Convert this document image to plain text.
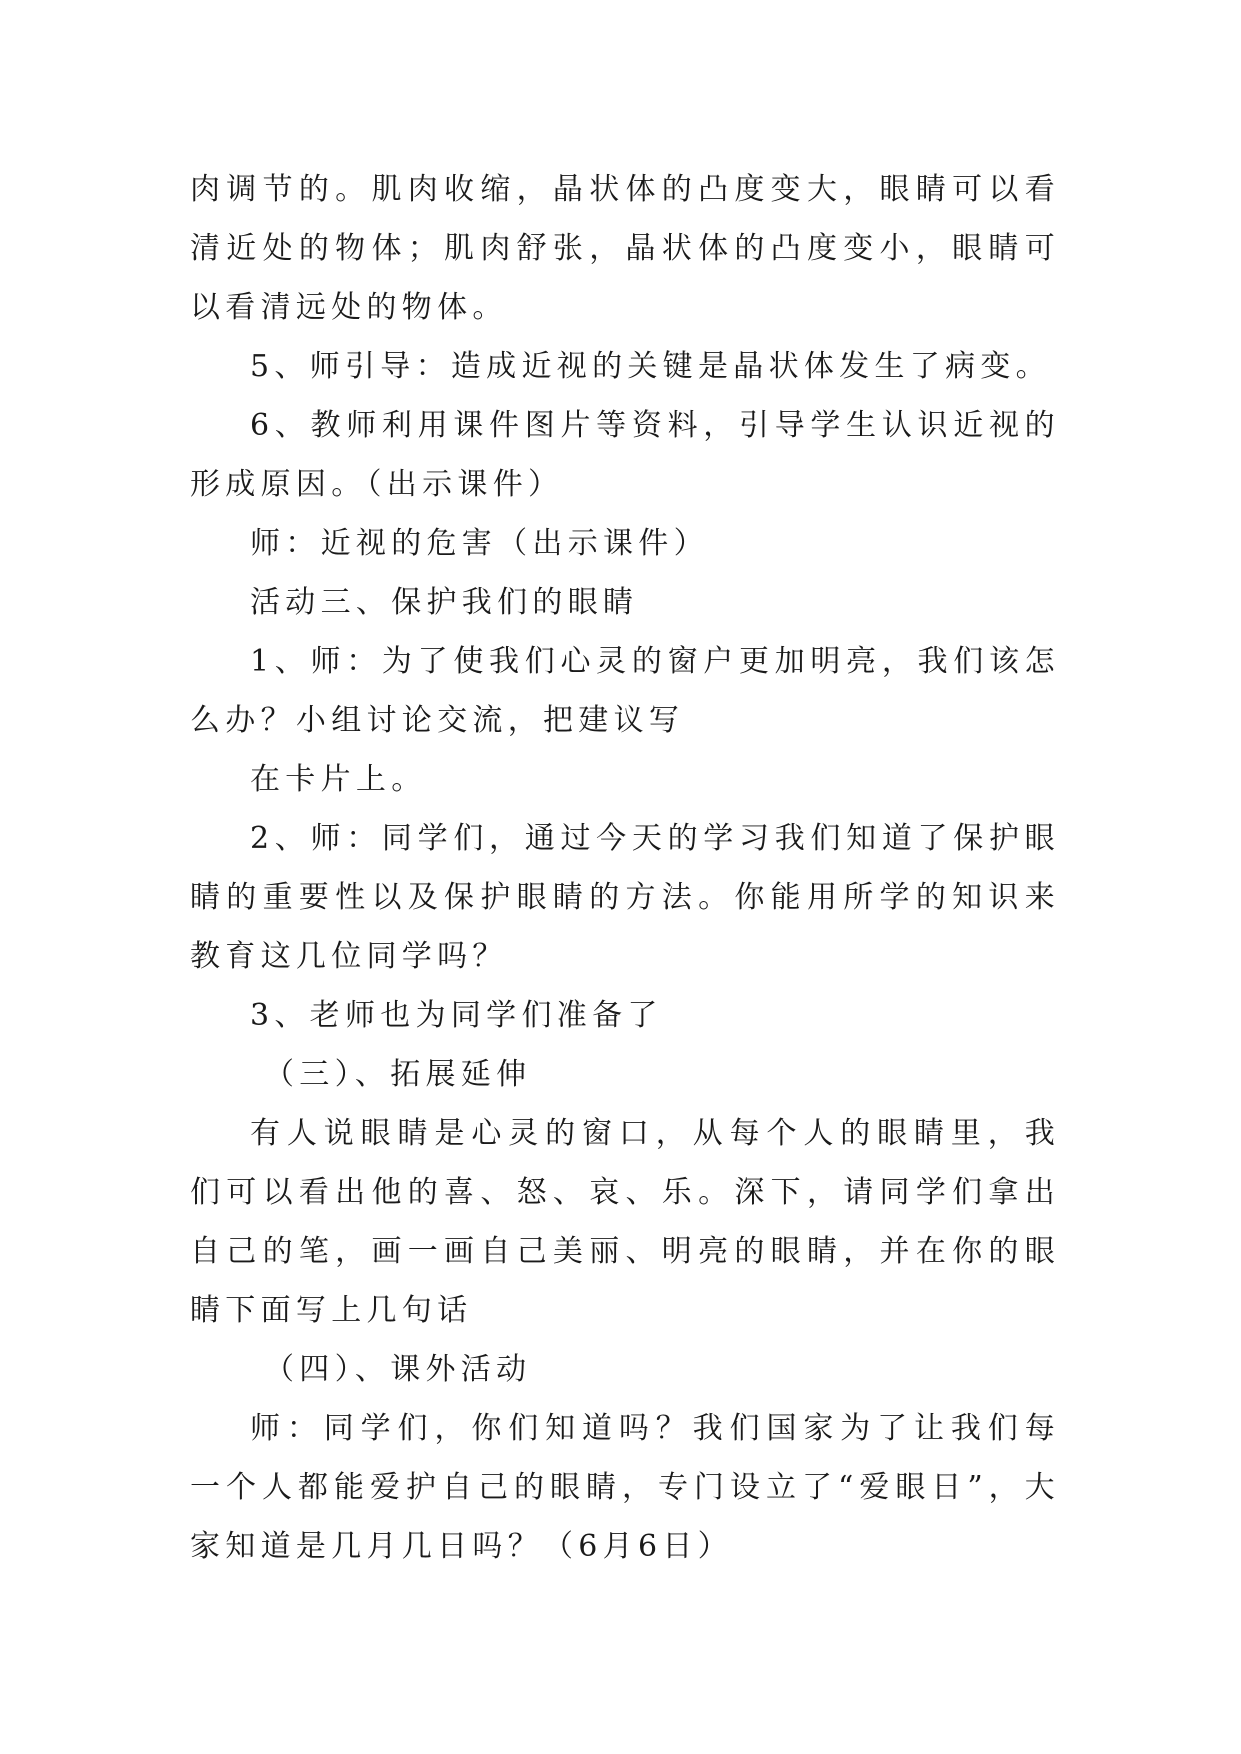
肉调节的。肌肉收缩，晶状体的凸度变大，眼睛可以看清近处的物体；肌肉舒张，晶状体的凸度变小，眼睛可以看清远处的物体。

5、师引导：造成近视的关键是晶状体发生了病变。

6、教师利用课件图片等资料，引导学生认识近视的形成原因。（出示课件）

师：近视的危害（出示课件）

活动三、保护我们的眼睛

1、师：为了使我们心灵的窗户更加明亮，我们该怎么办？小组讨论交流，把建议写

在卡片上。

2、师：同学们，通过今天的学习我们知道了保护眼睛的重要性以及保护眼睛的方法。你能用所学的知识来教育这几位同学吗？

3、老师也为同学们准备了

（三）、拓展延伸

有人说眼睛是心灵的窗口，从每个人的眼睛里，我们可以看出他的喜、怒、哀、乐。深下，请同学们拿出自己的笔，画一画自己美丽、明亮的眼睛，并在你的眼睛下面写上几句话

（四）、课外活动

师：同学们，你们知道吗？我们国家为了让我们每一个人都能爱护自己的眼睛，专门设立了“爱眼日”，大家知道是几月几日吗？（6月6日）
